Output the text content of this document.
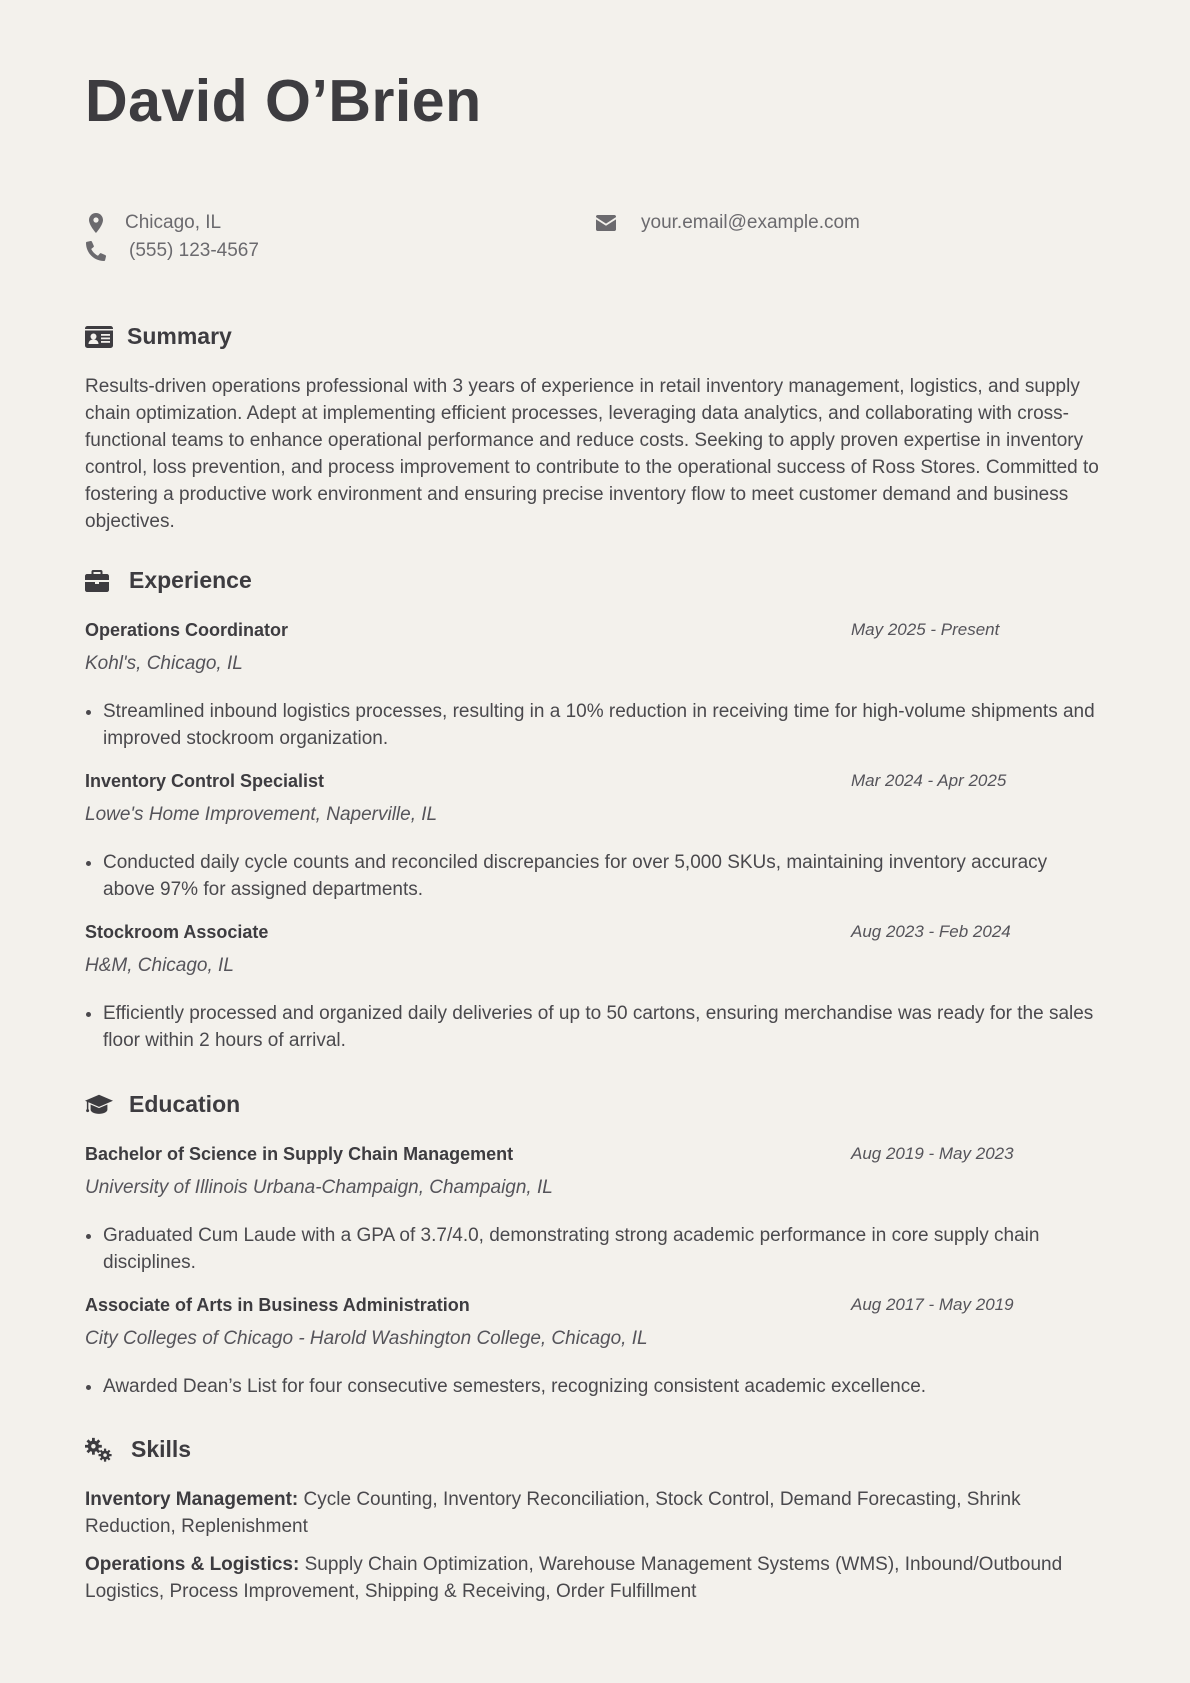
David O’Brien
Chicago, IL
(555) 123-4567
your.email@example.com
Summary

Results-driven operations professional with 3 years of experience in retail inventory management, logistics, and supply chain optimization. Adept at implementing efficient processes, leveraging data analytics, and collaborating with cross-functional teams to enhance operational performance and reduce costs. Seeking to apply proven expertise in inventory control, loss prevention, and process improvement to contribute to the operational success of Ross Stores. Committed to fostering a productive work environment and ensuring precise inventory flow to meet customer demand and business objectives.

Experience
Operations Coordinator	May 2025 - Present
Kohl's, Chicago, IL
• Streamlined inbound logistics processes, resulting in a 10% reduction in receiving time for high-volume shipments and improved stockroom organization.
Inventory Control Specialist	Mar 2024 - Apr 2025
Lowe's Home Improvement, Naperville, IL
• Conducted daily cycle counts and reconciled discrepancies for over 5,000 SKUs, maintaining inventory accuracy above 97% for assigned departments.
Stockroom Associate	Aug 2023 - Feb 2024
H&M, Chicago, IL
• Efficiently processed and organized daily deliveries of up to 50 cartons, ensuring merchandise was ready for the sales floor within 2 hours of arrival.
Education
Bachelor of Science in Supply Chain Management	Aug 2019 - May 2023
University of Illinois Urbana-Champaign, Champaign, IL
• Graduated Cum Laude with a GPA of 3.7/4.0, demonstrating strong academic performance in core supply chain disciplines.
Associate of Arts in Business Administration	Aug 2017 - May 2019
City Colleges of Chicago - Harold Washington College, Chicago, IL
• Awarded Dean’s List for four consecutive semesters, recognizing consistent academic excellence.
Skills

Inventory Management: Cycle Counting, Inventory Reconciliation, Stock Control, Demand Forecasting, Shrink Reduction, Replenishment

Operations & Logistics: Supply Chain Optimization, Warehouse Management Systems (WMS), Inbound/Outbound Logistics, Process Improvement, Shipping & Receiving, Order Fulfillment
